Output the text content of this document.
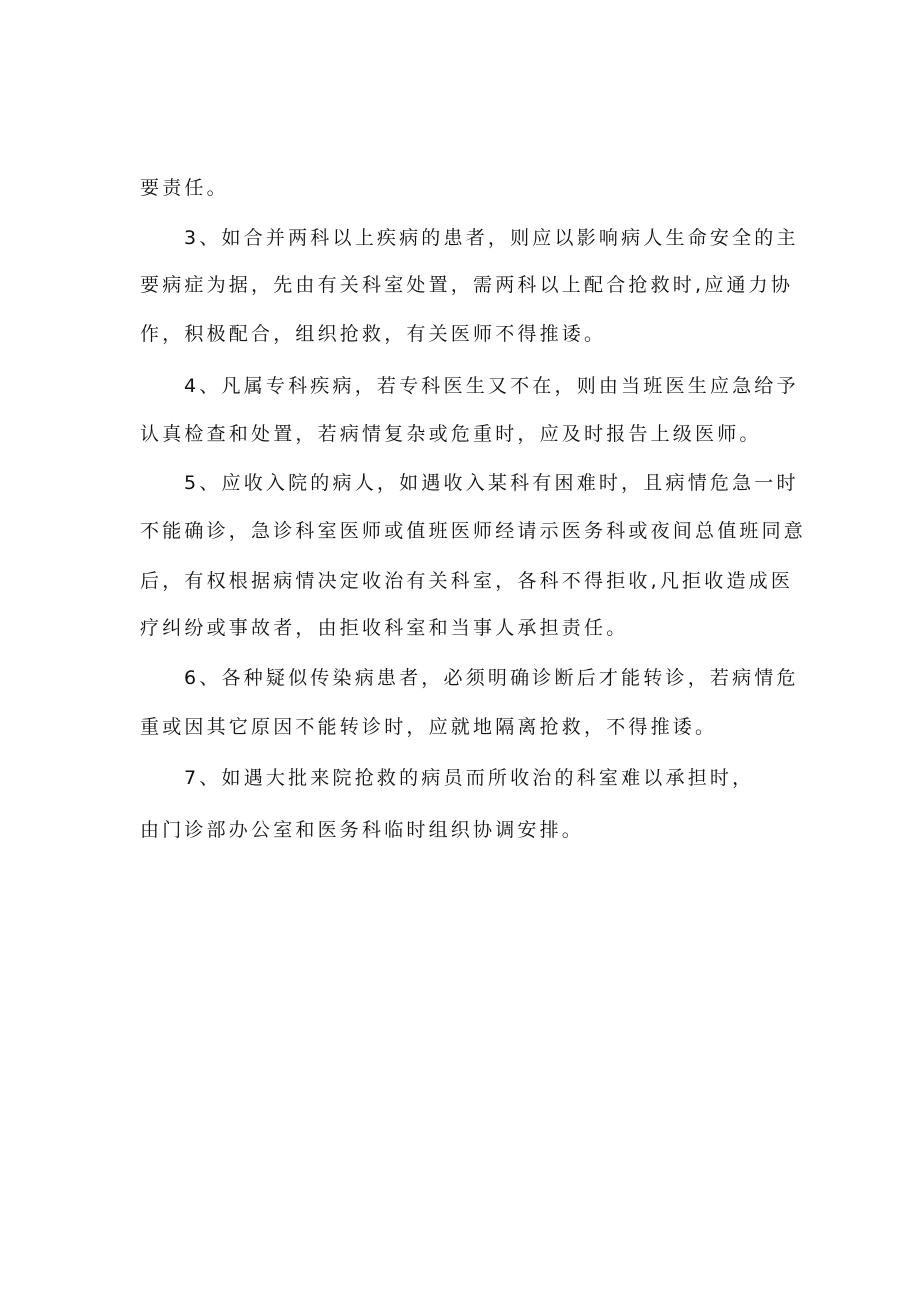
要责任。
3、如合并两科以上疾病的患者，则应以影响病人生命安全的主
要病症为据，先由有关科室处置，需两科以上配合抢救时,应通力协
作，积极配合，组织抢救，有关医师不得推诿。
4、凡属专科疾病，若专科医生又不在，则由当班医生应急给予
认真检查和处置，若病情复杂或危重时，应及时报告上级医师。
5、应收入院的病人，如遇收入某科有困难时，且病情危急一时
不能确诊，急诊科室医师或值班医师经请示医务科或夜间总值班同意
后，有权根据病情决定收治有关科室，各科不得拒收,凡拒收造成医
疗纠纷或事故者，由拒收科室和当事人承担责任。
6、各种疑似传染病患者，必须明确诊断后才能转诊，若病情危
重或因其它原因不能转诊时，应就地隔离抢救，不得推诿。
7、如遇大批来院抢救的病员而所收治的科室难以承担时，
由门诊部办公室和医务科临时组织协调安排。
